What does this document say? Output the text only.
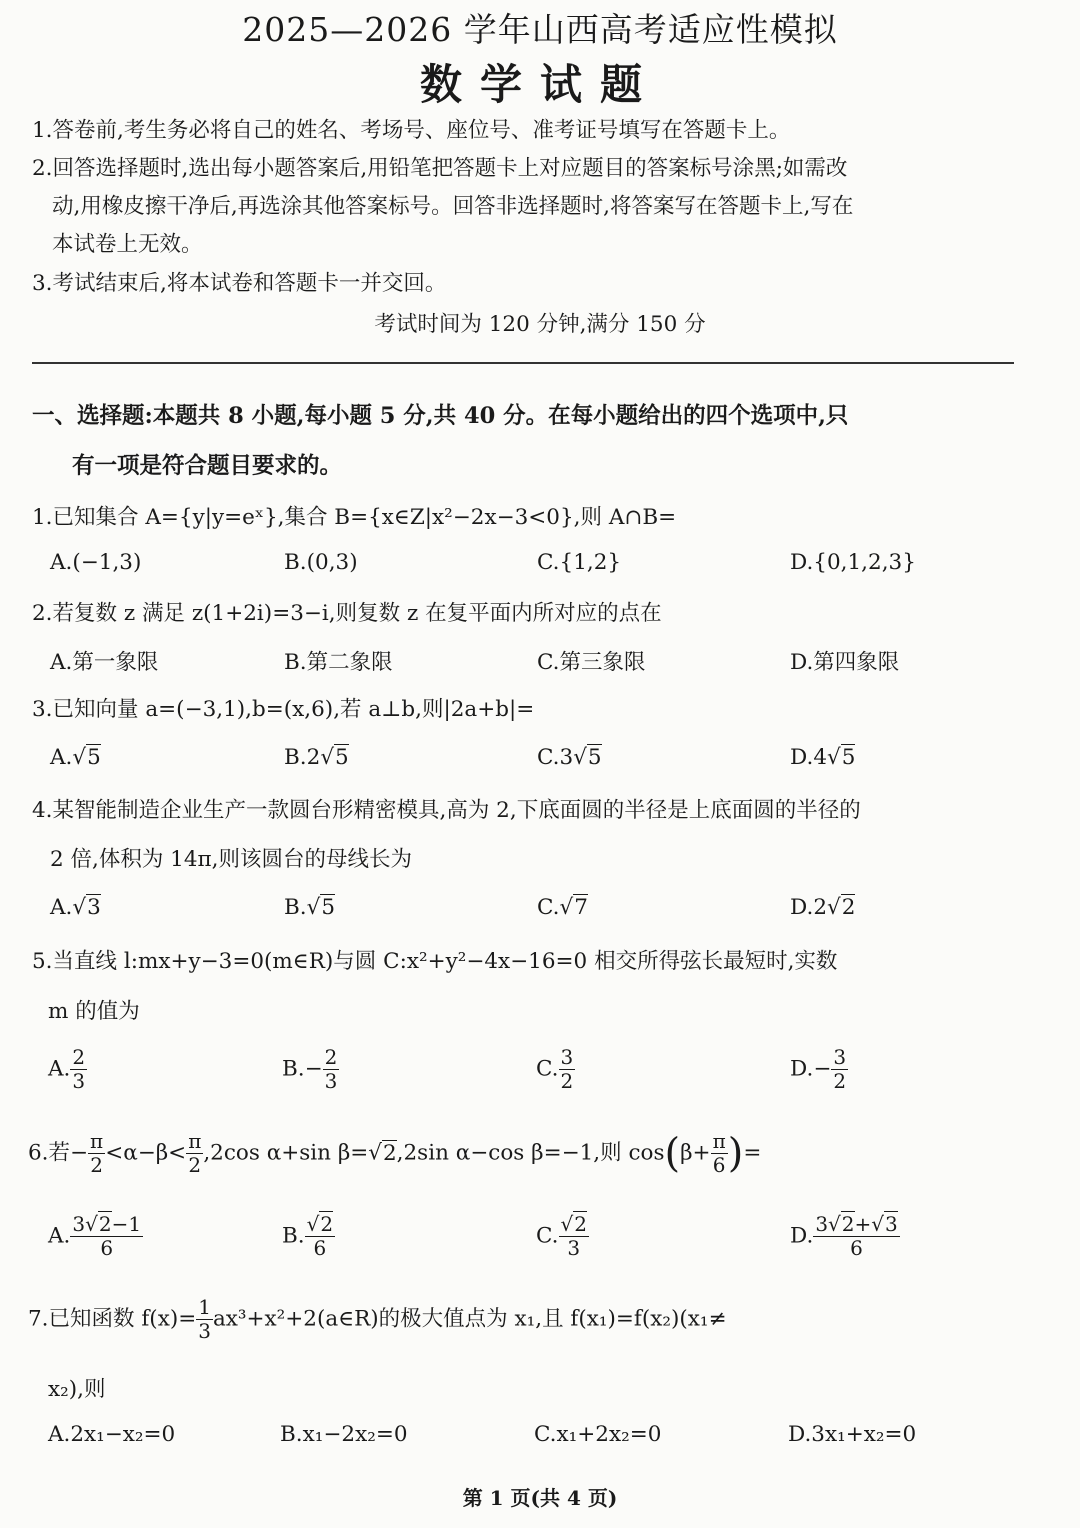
2025—2026 学年山西高考适应性模拟
数学试题
1.答卷前,考生务必将自己的姓名、考场号、座位号、准考证号填写在答题卡上。
2.回答选择题时,选出每小题答案后,用铅笔把答题卡上对应题目的答案标号涂黑;如需改
动,用橡皮擦干净后,再选涂其他答案标号。回答非选择题时,将答案写在答题卡上,写在
本试卷上无效。
3.考试结束后,将本试卷和答题卡一并交回。
考试时间为 120 分钟,满分 150 分
一、选择题:本题共 8 小题,每小题 5 分,共 40 分。在每小题给出的四个选项中,只
有一项是符合题目要求的。
1.已知集合 A={y|y=eˣ},集合 B={x∈Z|x²−2x−3<0},则 A∩B=
A.(−1,3)	B.(0,3)	C.{1,2}	D.{0,1,2,3}
2.若复数 z 满足 z(1+2i)=3−i,则复数 z 在复平面内所对应的点在
A.第一象限	B.第二象限	C.第三象限	D.第四象限
3.已知向量 a=(−3,1),b=(x,6),若 a⊥b,则|2a+b|=
A.√5	B.2√5	C.3√5	D.4√5
4.某智能制造企业生产一款圆台形精密模具,高为 2,下底面圆的半径是上底面圆的半径的
2 倍,体积为 14π,则该圆台的母线长为
A.√3	B.√5	C.√7	D.2√2
5.当直线 l:mx+y−3=0(m∈R)与圆 C:x²+y²−4x−16=0 相交所得弦长最短时,实数
m 的值为
A. $\frac{2}{3}$	$B.- \frac{2}{3}$	C. $\frac{3}{2}$	$D.- \frac{3}{2}$
6.若− $\frac{\pi}{2} <\alpha-\beta< \frac{\pi}{2} ,2\cos$ α+sin β=√2,2sin α−cos β=−1,则 $\cos(\beta+ \frac{\pi}{6}$ )=
A. $\frac{3√2-1}{6}$	B. $\frac{√2}{6}$	C. $\frac{√2}{3}$	D. $\frac{3√2+√3}{6}$
7.已知函数 $f(x)= \frac{1}{3}$ ax³+x²+2(a∈R)的极大值点为 x₁,且 f(x₁)=f(x₂)(x₁≠
x₂),则
A.2x₁−x₂=0	B.x₁−2x₂=0	C.x₁+2x₂=0	D.3x₁+x₂=0
第 1 页(共 4 页)
